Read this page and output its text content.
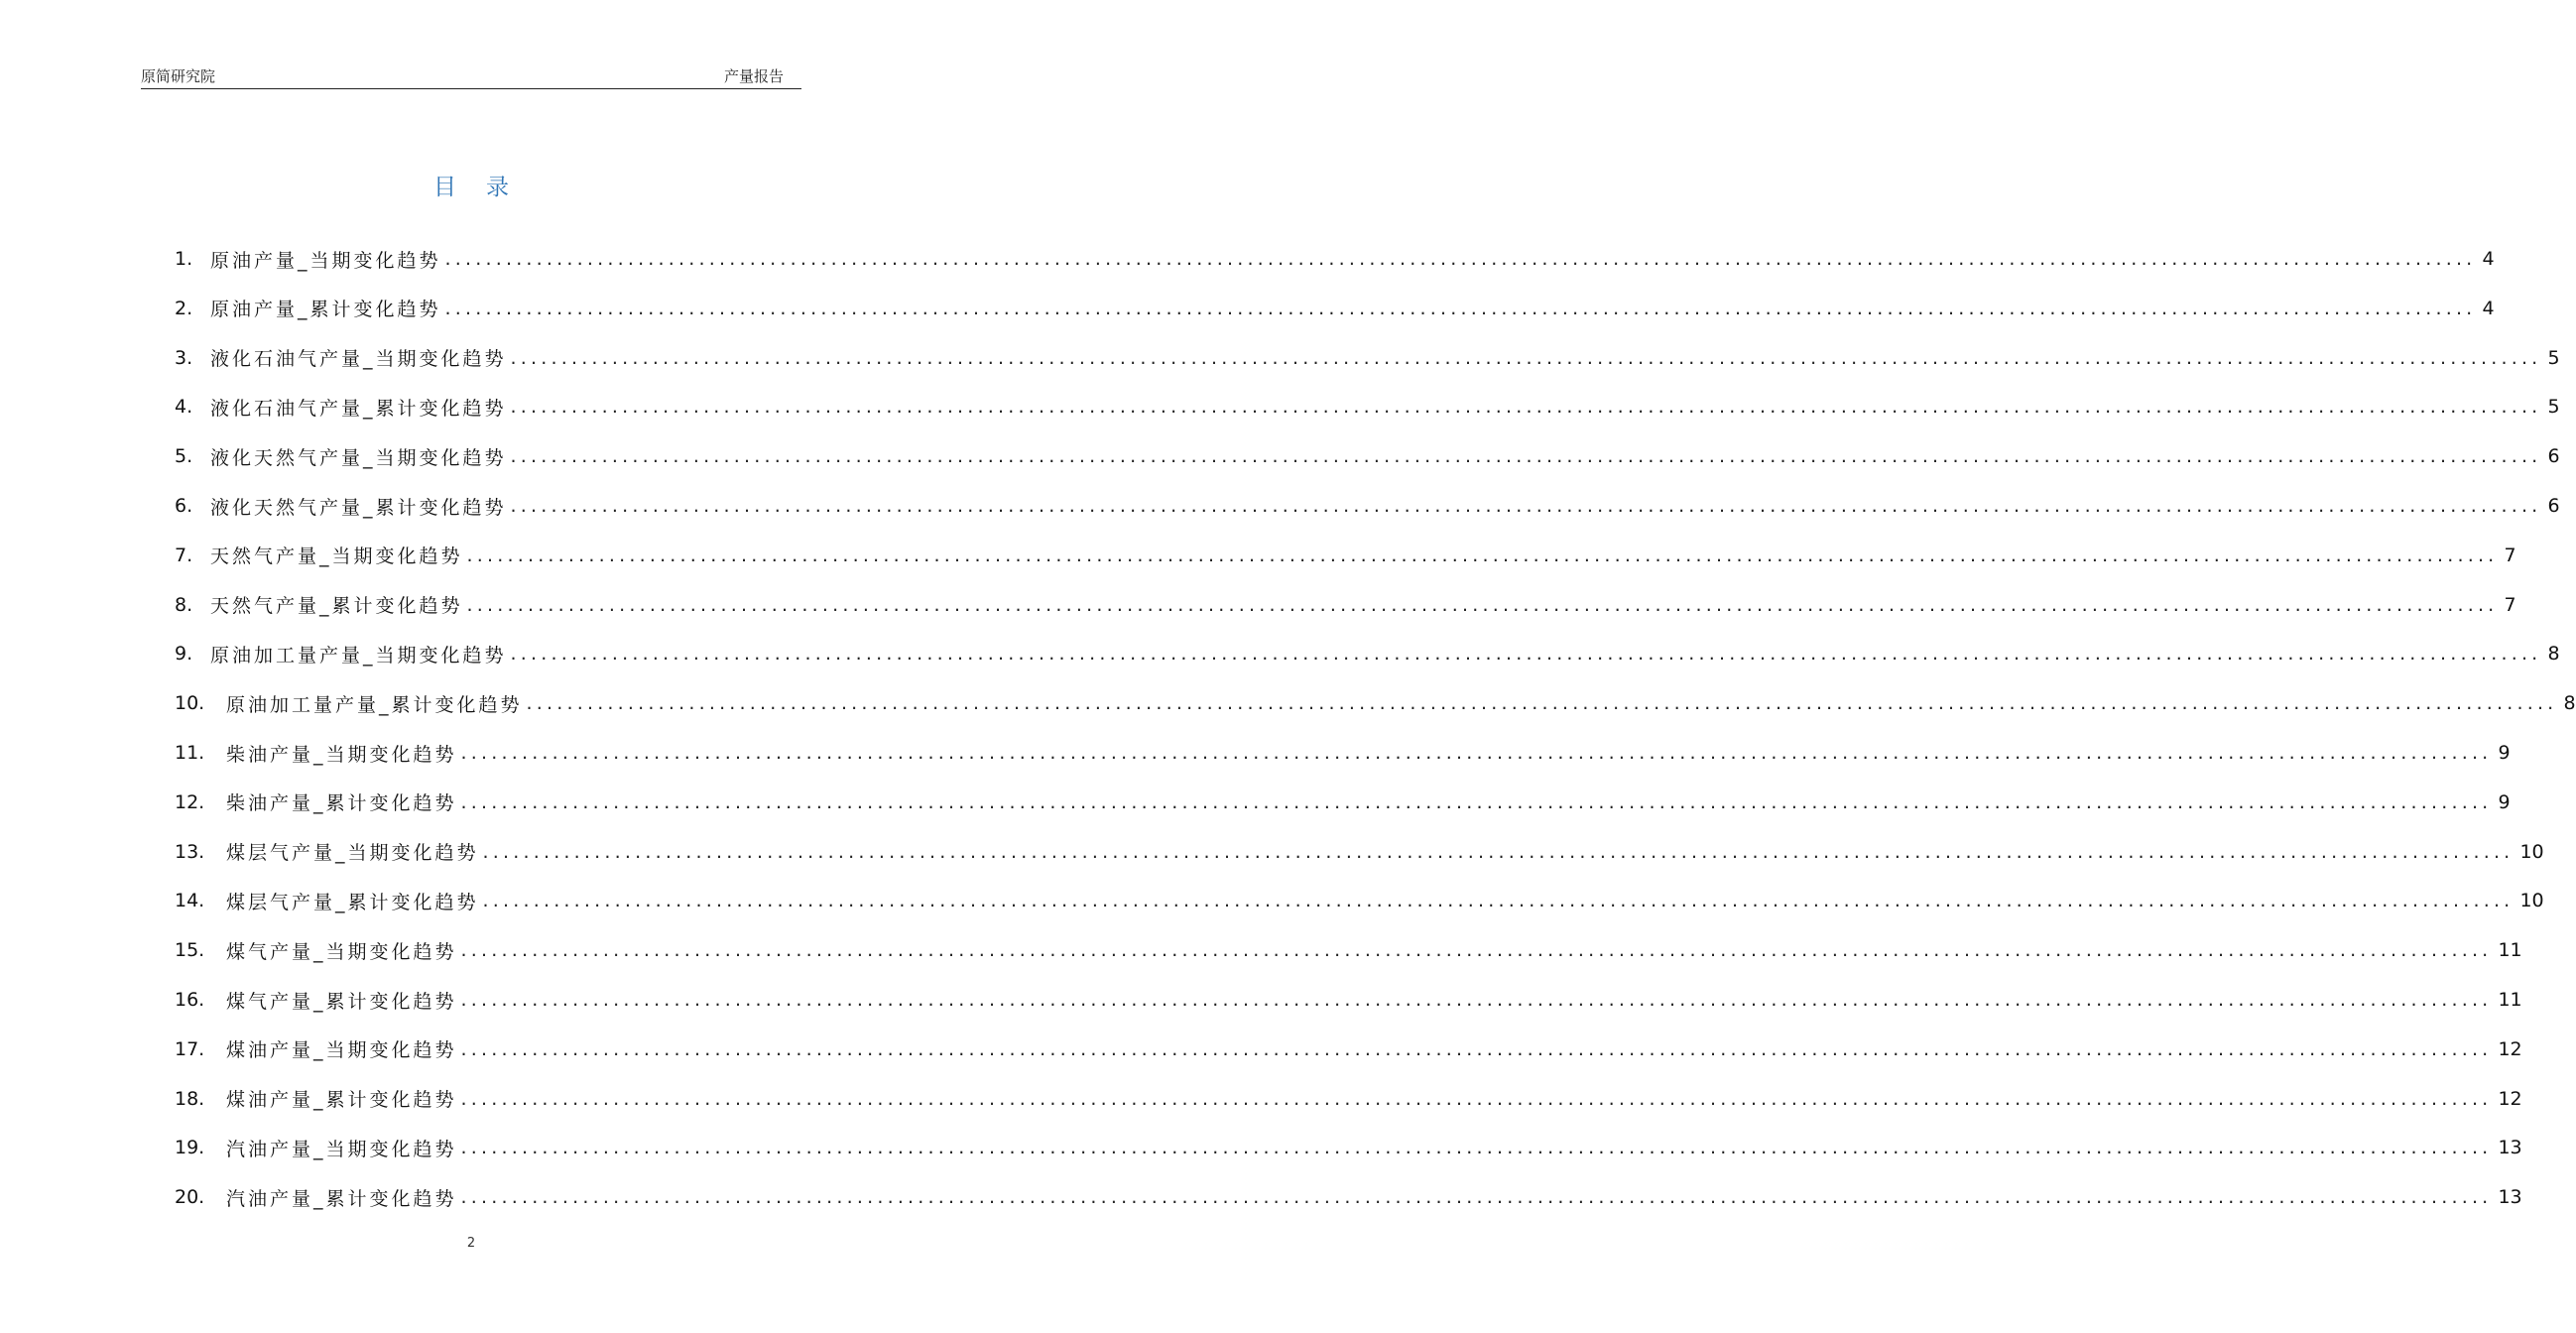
原简研究院	产量报告
目录
1. 原油产量_当期变化趋势 ........................................................................................................................................................................................................ 4
2. 原油产量_累计变化趋势 ........................................................................................................................................................................................................ 4
3. 液化石油气产量_当期变化趋势 ........................................................................................................................................................................................................ 5
4. 液化石油气产量_累计变化趋势 ........................................................................................................................................................................................................ 5
5. 液化天然气产量_当期变化趋势 ........................................................................................................................................................................................................ 6
6. 液化天然气产量_累计变化趋势 ........................................................................................................................................................................................................ 6
7. 天然气产量_当期变化趋势 ........................................................................................................................................................................................................ 7
8. 天然气产量_累计变化趋势 ........................................................................................................................................................................................................ 7
9. 原油加工量产量_当期变化趋势 ........................................................................................................................................................................................................ 8
10.	原油加工量产量_累计变化趋势 ........................................................................................................................................................................................................ 8
11.	柴油产量_当期变化趋势 ........................................................................................................................................................................................................ 9
12.	柴油产量_累计变化趋势 ........................................................................................................................................................................................................ 9
13.	煤层气产量_当期变化趋势 ........................................................................................................................................................................................................ 10
14.	煤层气产量_累计变化趋势 ........................................................................................................................................................................................................ 10
15.	煤气产量_当期变化趋势 ........................................................................................................................................................................................................ 11
16.	煤气产量_累计变化趋势 ........................................................................................................................................................................................................ 11
17.	煤油产量_当期变化趋势 ........................................................................................................................................................................................................ 12
18.	煤油产量_累计变化趋势 ........................................................................................................................................................................................................ 12
19.	汽油产量_当期变化趋势 ........................................................................................................................................................................................................ 13
20.	汽油产量_累计变化趋势 ........................................................................................................................................................................................................ 13
2
